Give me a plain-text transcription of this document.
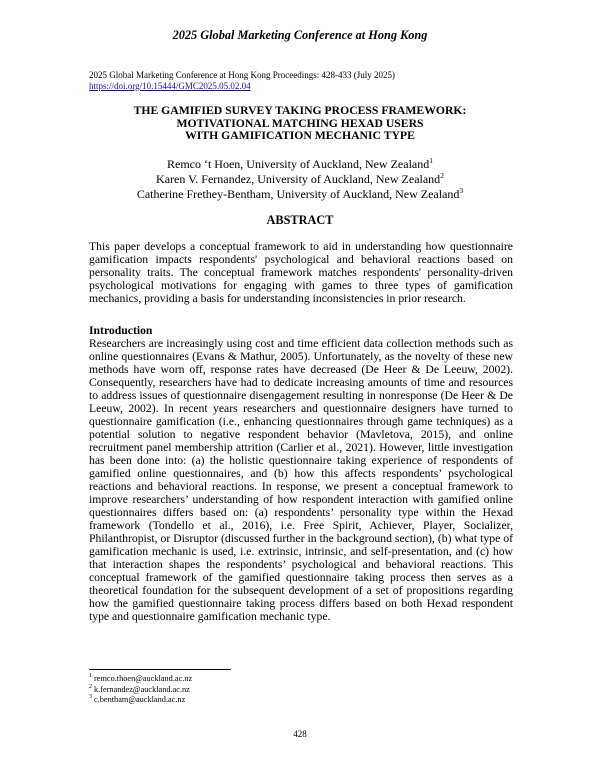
2025 Global Marketing Conference at Hong Kong
2025 Global Marketing Conference at Hong Kong Proceedings: 428-433 (July 2025)
https://doi.org/10.15444/GMC2025.05.02.04
THE GAMIFIED SURVEY TAKING PROCESS FRAMEWORK:
MOTIVATIONAL MATCHING HEXAD USERS
WITH GAMIFICATION MECHANIC TYPE
Remco ‘t Hoen, University of Auckland, New Zealand$^1$
Karen V. Fernandez, University of Auckland, New Zealand$^2$
Catherine Frethey-Bentham, University of Auckland, New Zealand$^3$
ABSTRACT

This paper develops a conceptual framework to aid in understanding how questionnaire gamification impacts respondents' psychological and behavioral reactions based on personality traits. The conceptual framework matches respondents' personality-driven psychological motivations for engaging with games to three types of gamification mechanics, providing a basis for understanding inconsistencies in prior research.

Introduction

Researchers are increasingly using cost and time efficient data collection methods such as online questionnaires (Evans & Mathur, 2005). Unfortunately, as the novelty of these new methods have worn off, response rates have decreased (De Heer & De Leeuw, 2002). Consequently, researchers have had to dedicate increasing amounts of time and resources to address issues of questionnaire disengagement resulting in nonresponse (De Heer & De Leeuw, 2002). In recent years researchers and questionnaire designers have turned to questionnaire gamification (i.e., enhancing questionnaires through game techniques) as a potential solution to negative respondent behavior (Mavletova, 2015), and online recruitment panel membership attrition (Carlier et al., 2021). However, little investigation has been done into: (a) the holistic questionnaire taking experience of respondents of gamified online questionnaires, and (b) how this affects respondents’ psychological reactions and behavioral reactions. In response, we present a conceptual framework to improve researchers’ understanding of how respondent interaction with gamified online questionnaires differs based on: (a) respondents’ personality type within the Hexad framework (Tondello et al., 2016), i.e. Free Spirit, Achiever, Player, Socializer, Philanthropist, or Disruptor (discussed further in the background section), (b) what type of gamification mechanic is used, i.e. extrinsic, intrinsic, and self-presentation, and (c) how that interaction shapes the respondents’ psychological and behavioral reactions. This conceptual framework of the gamified questionnaire taking process then serves as a theoretical foundation for the subsequent development of a set of propositions regarding how the gamified questionnaire taking process differs based on both Hexad respondent type and questionnaire gamification mechanic type.

$^1$ remco.thoen@auckland.ac.nz
$^2$ k.fernandez@auckland.ac.nz
$^3$ c.bentham@auckland.ac.nz
428
